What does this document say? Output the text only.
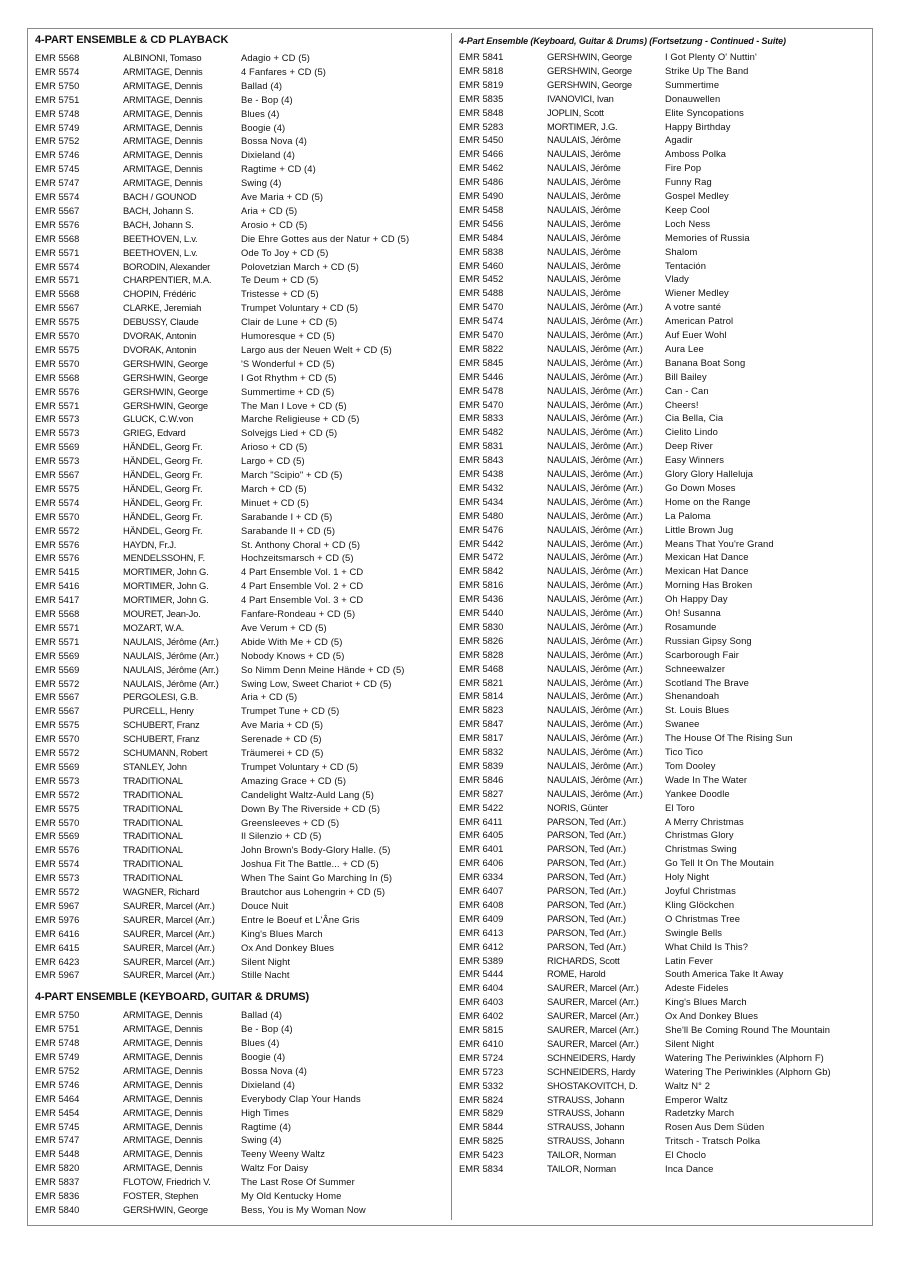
4-PART ENSEMBLE & CD PLAYBACK
EMR 5568	ALBINONI, Tomaso	Adagio + CD (5)
EMR 5574	ARMITAGE, Dennis	4 Fanfares + CD (5)
EMR 5750	ARMITAGE, Dennis	Ballad (4)
EMR 5751	ARMITAGE, Dennis	Be - Bop (4)
EMR 5748	ARMITAGE, Dennis	Blues (4)
EMR 5749	ARMITAGE, Dennis	Boogie (4)
EMR 5752	ARMITAGE, Dennis	Bossa Nova (4)
EMR 5746	ARMITAGE, Dennis	Dixieland (4)
EMR 5745	ARMITAGE, Dennis	Ragtime + CD (4)
EMR 5747	ARMITAGE, Dennis	Swing (4)
EMR 5574	BACH / GOUNOD	Ave Maria + CD (5)
EMR 5567	BACH, Johann S.	Aria + CD (5)
EMR 5576	BACH, Johann S.	Arosio + CD (5)
EMR 5568	BEETHOVEN, L.v.	Die Ehre Gottes aus der Natur + CD (5)
EMR 5571	BEETHOVEN, L.v.	Ode To Joy + CD (5)
EMR 5574	BORODIN, Alexander	Polovetzian March + CD (5)
EMR 5571	CHARPENTIER, M.A.	Te Deum + CD (5)
EMR 5568	CHOPIN, Frédéric	Tristesse + CD (5)
EMR 5567	CLARKE, Jeremiah	Trumpet Voluntary + CD (5)
EMR 5575	DEBUSSY, Claude	Clair de Lune + CD (5)
EMR 5570	DVORAK, Antonin	Humoresque + CD (5)
EMR 5575	DVORAK, Antonin	Largo aus der Neuen Welt + CD (5)
EMR 5570	GERSHWIN, George	'S Wonderful + CD (5)
EMR 5568	GERSHWIN, George	I Got Rhythm + CD (5)
EMR 5576	GERSHWIN, George	Summertime + CD (5)
EMR 5571	GERSHWIN, George	The Man I Love + CD (5)
EMR 5573	GLUCK, C.W.von	Marche Religieuse + CD (5)
EMR 5573	GRIEG, Edvard	Solvejgs Lied + CD (5)
EMR 5569	HÄNDEL, Georg Fr.	Arioso + CD (5)
EMR 5573	HÄNDEL, Georg Fr.	Largo + CD (5)
EMR 5567	HÄNDEL, Georg Fr.	March "Scipio" + CD (5)
EMR 5575	HÄNDEL, Georg Fr.	March + CD (5)
EMR 5574	HÄNDEL, Georg Fr.	Minuet + CD (5)
EMR 5570	HÄNDEL, Georg Fr.	Sarabande I + CD (5)
EMR 5572	HÄNDEL, Georg Fr.	Sarabande II + CD (5)
EMR 5576	HAYDN, Fr.J.	St. Anthony Choral + CD (5)
EMR 5576	MENDELSSOHN, F.	Hochzeitsmarsch + CD (5)
EMR 5415	MORTIMER, John G.	4 Part Ensemble Vol. 1 + CD
EMR 5416	MORTIMER, John G.	4 Part Ensemble Vol. 2 + CD
EMR 5417	MORTIMER, John G.	4 Part Ensemble Vol. 3 + CD
EMR 5568	MOURET, Jean-Jo.	Fanfare-Rondeau + CD (5)
EMR 5571	MOZART, W.A.	Ave Verum + CD (5)
EMR 5571	NAULAIS, Jérôme (Arr.)	Abide With Me + CD (5)
EMR 5569	NAULAIS, Jérôme (Arr.)	Nobody Knows + CD (5)
EMR 5569	NAULAIS, Jérôme (Arr.)	So Nimm Denn Meine Hände + CD (5)
EMR 5572	NAULAIS, Jérôme (Arr.)	Swing Low, Sweet Chariot + CD (5)
EMR 5567	PERGOLESI, G.B.	Aria + CD (5)
EMR 5567	PURCELL, Henry	Trumpet Tune + CD (5)
EMR 5575	SCHUBERT, Franz	Ave Maria + CD (5)
EMR 5570	SCHUBERT, Franz	Serenade + CD (5)
EMR 5572	SCHUMANN, Robert	Träumerei + CD (5)
EMR 5569	STANLEY, John	Trumpet Voluntary + CD (5)
EMR 5573	TRADITIONAL	Amazing Grace + CD (5)
EMR 5572	TRADITIONAL	Candelight Waltz-Auld Lang (5)
EMR 5575	TRADITIONAL	Down By The Riverside + CD (5)
EMR 5570	TRADITIONAL	Greensleeves + CD (5)
EMR 5569	TRADITIONAL	Il Silenzio + CD (5)
EMR 5576	TRADITIONAL	John Brown's Body-Glory Halle. (5)
EMR 5574	TRADITIONAL	Joshua Fit The Battle... + CD (5)
EMR 5573	TRADITIONAL	When The Saint Go Marching In (5)
EMR 5572	WAGNER, Richard	Brautchor aus Lohengrin + CD (5)
EMR 5967	SAURER, Marcel (Arr.)	Douce Nuit
EMR 5976	SAURER, Marcel (Arr.)	Entre le Boeuf et L'Âne Gris
EMR 6416	SAURER, Marcel (Arr.)	King's Blues March
EMR 6415	SAURER, Marcel (Arr.)	Ox And Donkey Blues
EMR 6423	SAURER, Marcel (Arr.)	Silent Night
EMR 5967	SAURER, Marcel (Arr.)	Stille Nacht
4-PART ENSEMBLE (KEYBOARD, GUITAR & DRUMS)
EMR 5750	ARMITAGE, Dennis	Ballad (4)
EMR 5751	ARMITAGE, Dennis	Be - Bop (4)
EMR 5748	ARMITAGE, Dennis	Blues (4)
EMR 5749	ARMITAGE, Dennis	Boogie (4)
EMR 5752	ARMITAGE, Dennis	Bossa Nova (4)
EMR 5746	ARMITAGE, Dennis	Dixieland (4)
EMR 5464	ARMITAGE, Dennis	Everybody Clap Your Hands
EMR 5454	ARMITAGE, Dennis	High Times
EMR 5745	ARMITAGE, Dennis	Ragtime (4)
EMR 5747	ARMITAGE, Dennis	Swing (4)
EMR 5448	ARMITAGE, Dennis	Teeny Weeny Waltz
EMR 5820	ARMITAGE, Dennis	Waltz For Daisy
EMR 5837	FLOTOW, Friedrich V.	The Last Rose Of Summer
EMR 5836	FOSTER, Stephen	My Old Kentucky Home
EMR 5840	GERSHWIN, George	Bess, You is My Woman Now
4-Part Ensemble (Keyboard, Guitar & Drums) (Fortsetzung - Continued - Suite)
EMR 5841	GERSHWIN, George	I Got Plenty O' Nuttin'
EMR 5818	GERSHWIN, George	Strike Up The Band
EMR 5819	GERSHWIN, George	Summertime
EMR 5835	IVANOVICI, Ivan	Donauwellen
EMR 5848	JOPLIN, Scott	Elite Syncopations
EMR 5283	MORTIMER, J.G.	Happy Birthday
EMR 5450	NAULAIS, Jérôme	Agadir
EMR 5466	NAULAIS, Jérôme	Amboss Polka
EMR 5462	NAULAIS, Jérôme	Fire Pop
EMR 5486	NAULAIS, Jérôme	Funny Rag
EMR 5490	NAULAIS, Jérôme	Gospel Medley
EMR 5458	NAULAIS, Jérôme	Keep Cool
EMR 5456	NAULAIS, Jérôme	Loch Ness
EMR 5484	NAULAIS, Jérôme	Memories of Russia
EMR 5838	NAULAIS, Jérôme	Shalom
EMR 5460	NAULAIS, Jérôme	Tentación
EMR 5452	NAULAIS, Jérôme	Vlady
EMR 5488	NAULAIS, Jérôme	Wiener Medley
EMR 5470	NAULAIS, Jérôme (Arr.)	A votre santé
EMR 5474	NAULAIS, Jérôme (Arr.)	American Patrol
EMR 5470	NAULAIS, Jérôme (Arr.)	Auf Euer Wohl
EMR 5822	NAULAIS, Jérôme (Arr.)	Aura Lee
EMR 5845	NAULAIS, Jérôme (Arr.)	Banana Boat Song
EMR 5446	NAULAIS, Jérôme (Arr.)	Bill Bailey
EMR 5478	NAULAIS, Jérôme (Arr.)	Can - Can
EMR 5470	NAULAIS, Jérôme (Arr.)	Cheers!
EMR 5833	NAULAIS, Jérôme (Arr.)	Cia Bella, Cia
EMR 5482	NAULAIS, Jérôme (Arr.)	Cielito Lindo
EMR 5831	NAULAIS, Jérôme (Arr.)	Deep River
EMR 5843	NAULAIS, Jérôme (Arr.)	Easy Winners
EMR 5438	NAULAIS, Jérôme (Arr.)	Glory Glory Halleluja
EMR 5432	NAULAIS, Jérôme (Arr.)	Go Down Moses
EMR 5434	NAULAIS, Jérôme (Arr.)	Home on the Range
EMR 5480	NAULAIS, Jérôme (Arr.)	La Paloma
EMR 5476	NAULAIS, Jérôme (Arr.)	Little Brown Jug
EMR 5442	NAULAIS, Jérôme (Arr.)	Means That You're Grand
EMR 5472	NAULAIS, Jérôme (Arr.)	Mexican Hat Dance
EMR 5842	NAULAIS, Jérôme (Arr.)	Mexican Hat Dance
EMR 5816	NAULAIS, Jérôme (Arr.)	Morning Has Broken
EMR 5436	NAULAIS, Jérôme (Arr.)	Oh Happy Day
EMR 5440	NAULAIS, Jérôme (Arr.)	Oh! Susanna
EMR 5830	NAULAIS, Jérôme (Arr.)	Rosamunde
EMR 5826	NAULAIS, Jérôme (Arr.)	Russian Gipsy Song
EMR 5828	NAULAIS, Jérôme (Arr.)	Scarborough Fair
EMR 5468	NAULAIS, Jérôme (Arr.)	Schneewalzer
EMR 5821	NAULAIS, Jérôme (Arr.)	Scotland The Brave
EMR 5814	NAULAIS, Jérôme (Arr.)	Shenandoah
EMR 5823	NAULAIS, Jérôme (Arr.)	St. Louis Blues
EMR 5847	NAULAIS, Jérôme (Arr.)	Swanee
EMR 5817	NAULAIS, Jérôme (Arr.)	The House Of The Rising Sun
EMR 5832	NAULAIS, Jérôme (Arr.)	Tico Tico
EMR 5839	NAULAIS, Jérôme (Arr.)	Tom Dooley
EMR 5846	NAULAIS, Jérôme (Arr.)	Wade In The Water
EMR 5827	NAULAIS, Jérôme (Arr.)	Yankee Doodle
EMR 5422	NORIS, Günter	El Toro
EMR 6411	PARSON, Ted (Arr.)	A Merry Christmas
EMR 6405	PARSON, Ted (Arr.)	Christmas Glory
EMR 6401	PARSON, Ted (Arr.)	Christmas Swing
EMR 6406	PARSON, Ted (Arr.)	Go Tell It On The Moutain
EMR 6334	PARSON, Ted (Arr.)	Holy Night
EMR 6407	PARSON, Ted (Arr.)	Joyful Christmas
EMR 6408	PARSON, Ted (Arr.)	Kling Glöckchen
EMR 6409	PARSON, Ted (Arr.)	O Christmas Tree
EMR 6413	PARSON, Ted (Arr.)	Swingle Bells
EMR 6412	PARSON, Ted (Arr.)	What Child Is This?
EMR 5389	RICHARDS, Scott	Latin Fever
EMR 5444	ROME, Harold	South America Take It Away
EMR 6404	SAURER, Marcel (Arr.)	Adeste Fideles
EMR 6403	SAURER, Marcel (Arr.)	King's Blues March
EMR 6402	SAURER, Marcel (Arr.)	Ox And Donkey Blues
EMR 5815	SAURER, Marcel (Arr.)	She'll Be Coming Round The Mountain
EMR 6410	SAURER, Marcel (Arr.)	Silent Night
EMR 5724	SCHNEIDERS, Hardy	Watering The Periwinkles (Alphorn F)
EMR 5723	SCHNEIDERS, Hardy	Watering The Periwinkles (Alphorn Gb)
EMR 5332	SHOSTAKOVITCH, D.	Waltz N° 2
EMR 5824	STRAUSS, Johann	Emperor Waltz
EMR 5829	STRAUSS, Johann	Radetzky March
EMR 5844	STRAUSS, Johann	Rosen Aus Dem Süden
EMR 5825	STRAUSS, Johann	Tritsch - Tratsch Polka
EMR 5423	TAILOR, Norman	El Choclo
EMR 5834	TAILOR, Norman	Inca Dance
